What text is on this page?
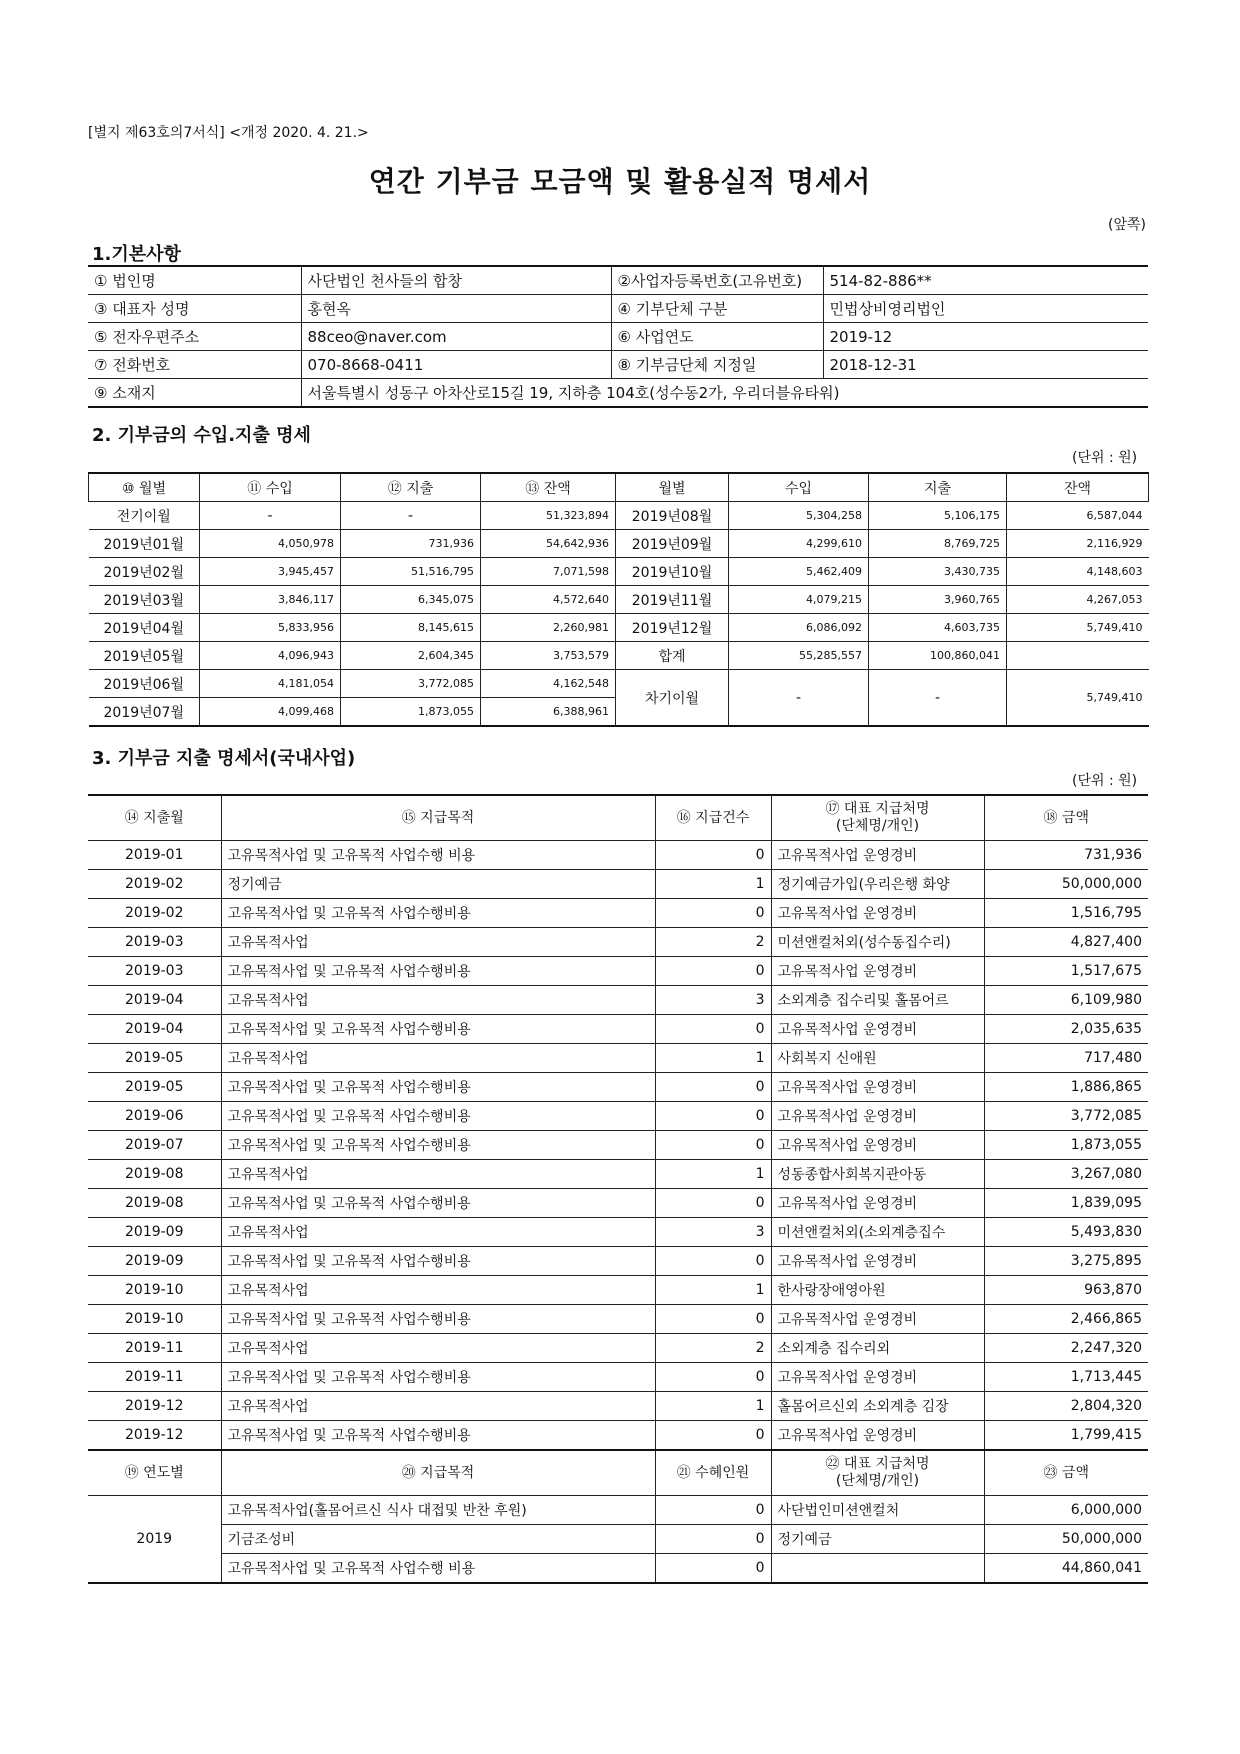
[별지 제63호의7서식] <개정 2020. 4. 21.>
연간 기부금 모금액 및 활용실적 명세서
(앞쪽)
1.기본사항
① 법인명	사단법인 천사들의 합창	②사업자등록번호(고유번호)	514-82-886**
③ 대표자 성명	홍현옥	④ 기부단체 구분	민법상비영리법인
⑤ 전자우편주소	88ceo@naver.com	⑥ 사업연도	2019-12
⑦ 전화번호	070-8668-0411	⑧ 기부금단체 지정일	2018-12-31
⑨ 소재지	서울특별시 성동구 아차산로15길 19, 지하층 104호(성수동2가, 우리더블유타워)		
2. 기부금의 수입.지출 명세
(단위 : 원)
⑩ 월별	⑪ 수입	⑫ 지출	⑬ 잔액	월별	수입	지출	잔액
전기이월	-	-	51,323,894	2019년08월	5,304,258	5,106,175	6,587,044
2019년01월	4,050,978	731,936	54,642,936	2019년09월	4,299,610	8,769,725	2,116,929
2019년02월	3,945,457	51,516,795	7,071,598	2019년10월	5,462,409	3,430,735	4,148,603
2019년03월	3,846,117	6,345,075	4,572,640	2019년11월	4,079,215	3,960,765	4,267,053
2019년04월	5,833,956	8,145,615	2,260,981	2019년12월	6,086,092	4,603,735	5,749,410
2019년05월	4,096,943	2,604,345	3,753,579	합계	55,285,557	100,860,041	
2019년06월	4,181,054	3,772,085	4,162,548	차기이월	-	-	5,749,410
2019년07월	4,099,468	1,873,055	6,388,961				
3. 기부금 지출 명세서(국내사업)
(단위 : 원)
⑭ 지출월	⑮ 지급목적	⑯ 지급건수	⑰ 대표 지급처명
(단체명/개인)	⑱ 금액
2019-01	고유목적사업 및 고유목적 사업수행 비용	0	고유목적사업 운영경비	731,936
2019-02	정기예금	1	정기예금가입(우리은행 화양	50,000,000
2019-02	고유목적사업 및 고유목적 사업수행비용	0	고유목적사업 운영경비	1,516,795
2019-03	고유목적사업	2	미션앤컬처외(성수동집수리)	4,827,400
2019-03	고유목적사업 및 고유목적 사업수행비용	0	고유목적사업 운영경비	1,517,675
2019-04	고유목적사업	3	소외계층 집수리및 홀몸어르	6,109,980
2019-04	고유목적사업 및 고유목적 사업수행비용	0	고유목적사업 운영경비	2,035,635
2019-05	고유목적사업	1	사회복지 신애원	717,480
2019-05	고유목적사업 및 고유목적 사업수행비용	0	고유목적사업 운영경비	1,886,865
2019-06	고유목적사업 및 고유목적 사업수행비용	0	고유목적사업 운영경비	3,772,085
2019-07	고유목적사업 및 고유목적 사업수행비용	0	고유목적사업 운영경비	1,873,055
2019-08	고유목적사업	1	성동종합사회복지관아동	3,267,080
2019-08	고유목적사업 및 고유목적 사업수행비용	0	고유목적사업 운영경비	1,839,095
2019-09	고유목적사업	3	미션앤컬처외(소외계층집수	5,493,830
2019-09	고유목적사업 및 고유목적 사업수행비용	0	고유목적사업 운영경비	3,275,895
2019-10	고유목적사업	1	한사랑장애영아원	963,870
2019-10	고유목적사업 및 고유목적 사업수행비용	0	고유목적사업 운영경비	2,466,865
2019-11	고유목적사업	2	소외계층 집수리외	2,247,320
2019-11	고유목적사업 및 고유목적 사업수행비용	0	고유목적사업 운영경비	1,713,445
2019-12	고유목적사업	1	홀몸어르신외 소외계층 김장	2,804,320
2019-12	고유목적사업 및 고유목적 사업수행비용	0	고유목적사업 운영경비	1,799,415
⑲ 연도별	⑳ 지급목적	㉑ 수혜인원	㉒ 대표 지급처명
(단체명/개인)	㉓ 금액
2019	고유목적사업(홀몸어르신 식사 대접및 반찬 후원)	0	사단법인미션앤컬처	6,000,000
	기금조성비	0	정기예금	50,000,000
	고유목적사업 및 고유목적 사업수행 비용	0		44,860,041
